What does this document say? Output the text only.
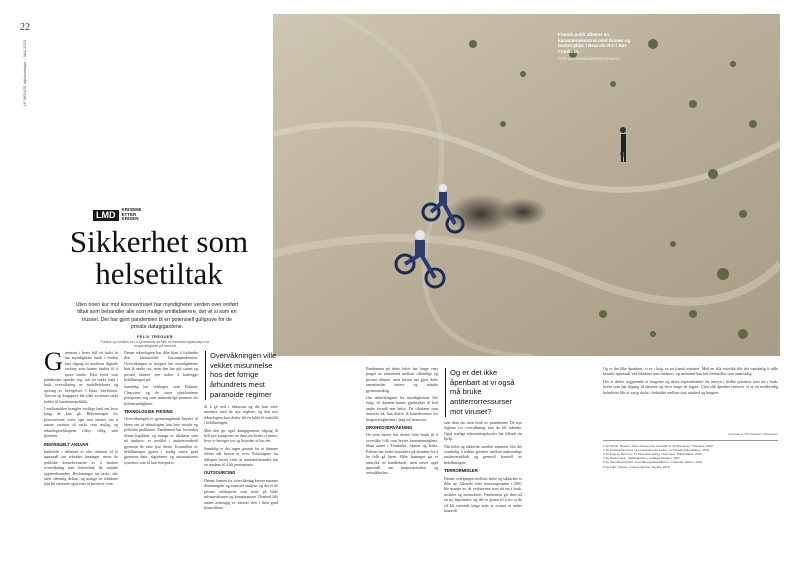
22
LE MONDE diplomatique – MAI 2020
Fransk politi afhører en karantænekontrol med droner og motorcykler i Brau-du-Roi i Sør-Frankrike.
PERE MARCHAND/SIPA/NTB SCANPIX
LMD
KRISENE ETTER KRISEN
Sikkerhet som helsetiltak
Uten noen kur mot koronaviruset har myndigheter verden over innført tiltak som behandler alle som mulige smittebærere, det vil si som en trussel. Det har gjort pandemien til en potensiell gullgruve for de private datagigantene.
FÉLIX TRÉGUER
Forsker og medlem av La Quadrature du Net, en interesseorganisasjon for borgerrettigheter på internett
G jennom i hvert fall ett halvt år har myndigheter rundt i verden hatt tilgang til moderne digitale verktøy som kunne brukes til å spore smitte. Etter hvert som pandemien spredte seg, tok en rekke land i bruk overvåkning av mobiltelefoner og sporing av bevegelser. I Kina, Sør-Korea, Taiwan og Singapore ble slike systemer raskt koblet til karantenepolitikk.

I mellomtiden krangler vestlige land om hvor langt de kan gå. Bekymringen for personvernet veies opp mot ønsket om å stanse smitten så raskt som mulig, og teknologiselskapene tilbyr villig sine tjenester.

INDIVIDUELT ANSVAR

Innholdet i debatten er ofte redusert til et spørsmål om tekniske løsninger, mens de politiske konsekvensene av å innføre overvåkning som helsetiltak får mindre oppmerksomhet. Beslutninger tas raskt, ofte uten offentlig debatt, og mange av tiltakene kan bli værende også etter at krisen er over.

Denne teknologien har ikke klart å forhindre den katastrofale koronapandemien. Overvåkingen av borgere har myndighetene hatt lå under oss, men den har gitt staten og private aktører nye måter å kartlegge befolkningen på.

Samtidig har selskaper som Palantir, Clearview og de store plattformene posisjonert seg som uunnværlige partnere for helsemyndigheter.

TEKNOLOGISK FIKSING

Overvåkningen er gjennomgående knyttet til ideen om at teknologien kan løse sosiale og politiske problemer. Pandemien har forsterket denne logikken, og mange av tiltakene som nå innføres, er utviklet i antiterrorarbeid gjennom de siste tjue årene. Kontrollen av befolkningen gjøres i stadig større grad gjennom data, algoritmer og automatiserte systemer som få kan etterprøve.

Overvåkningen ville vekket misunnelse hos det forrige århundrets mest paranoide regimer

til å gå ned i ekkorom og det kan være misnøye med de nye reglene, og den nye teknologien kan derfor bli en kilde til mistillit i befolkningen.

Men den gir også datagigantene tilgang til helt nye kategorier av data om hvem vi møter, hvor vi beveger oss og hvordan vi har det.

Samtidig er det ingen garanti for at dataene slettes når krisen er over. Erfaringene fra tidligere kriser viser at unntakstilstander har en tendens til å bli permanente.

OUTSOURCING

Denne formen for overvåkning krever enorme datamengder og avansert analyse, og det er de private selskapene som sitter på både infrastrukturen og kompetansen. Dermed blir staten avhengig av aktører den i liten grad kontrollerer.

Pandemien på dette feltet har lenge vært preget av samarbeid mellom offentlige og private aktører, men krisen har gjort dette samarbeidet tettere og mindre gjennomsiktig.

Om anbefalingene fra myndighetene blir fulgt, vil dataene kunne gjenbrukes til helt andre formål enn helse. De tiltakene som innføres nå, kan derfor få konsekvenser for borgerrettighetene i lang tid fremover.

DRONEOVERVÅKNING

De siste ukene har droner blitt brukt til å overvåke folk som bryter karantenereglene, blant annet i Frankrike, Spania og Italia. Politiet har brukt høyttalere på dronene for å be folk gå hjem. Slike løsninger gir et inntrykk av handlekraft, men reiser også spørsmål om proporsjonalitet og rettssikkerhet.

Og er det ikke åpenbart at vi også må bruke antiterrorressurser mot viruset?

sine data om uten bruk av pandemien. De nye reglene for overvåkning kan da bli stående. Også statlige etterretningsbyråer har tilbudt sin hjelp.

Når helse og sikkerhet smelter sammen, blir det vanskelig å trekke grensen mellom nødvendige smitteverntiltak og generell kontroll av befolkningen.

TERRORMIDLER

Denne overgangen mellom helse og sikkerhet er ikke ny. Allerede etter terrorangrepene i 2001 ble mange av de verktøyene som nå tas i bruk, utviklet og normalisert. Pandemien gir dem nå en ny legitimitet, og det er grunn til å tro at de vil bli værende lenge etter at viruset er under kontroll.

Og er det ikke åpenbart, vi er i krig, sa en fransk minister. Med en slik retorikk blir det vanskelig å stille kritiske spørsmål ved tiltakene som innføres, og motstand kan lett fremstilles som uansvarlig.

Det er derfor avgjørende at borgerne og deres representanter får innsyn i hvilke systemer som tas i bruk, hvem som har tilgang til dataene og hvor lenge de lagres. Uten slik åpenhet risikerer vi at en midlertidig helsekrise blir et varig skifte i forholdet mellom stat, marked og borgere.

Oversatt av Wil Lindstrøm Nordsveen
1 Se Olivier Tesquet, «Des drones pour surveiller le confinement», Télérama, 2020.
2 Se Christophe Prieur, «Les données de santé», Le Monde diplomatique, 2019.
3 Se Evgeny Morozov, To Save Everything, Click Here, PublicAffairs, 2013.
4 Se Naomi Klein, Sjokkdoktrinen, Forlaget Oktober, 2007.
5 Se Shoshana Zuboff, Overvåkningskapitalismen, Cappelen Damm, 2019.
6 Se Félix Tréguer, L’utopie déchue, Fayard, 2019.
